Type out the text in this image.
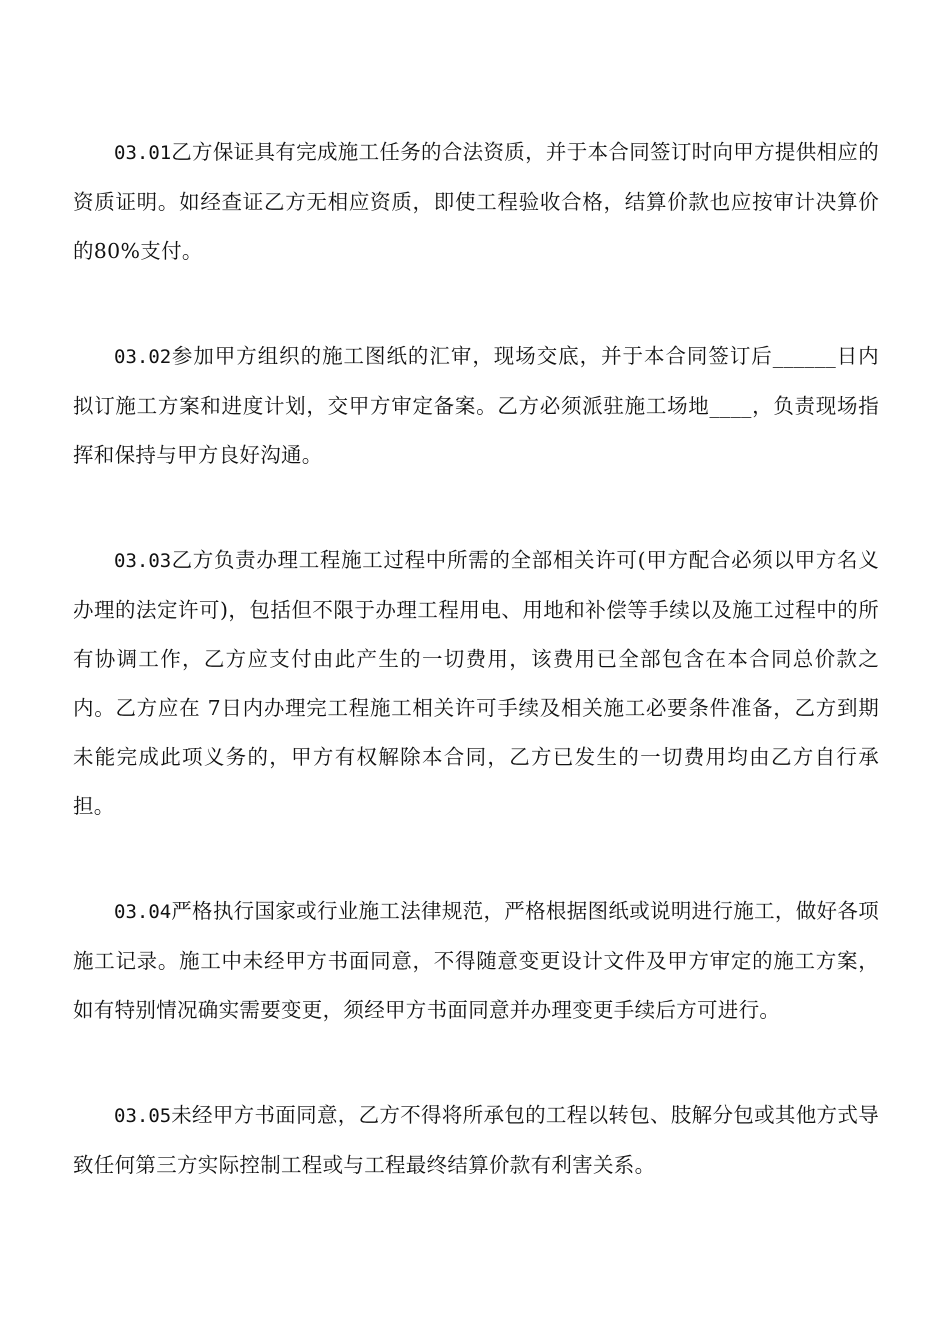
03.01乙方保证具有完成施工任务的合法资质，并于本合同签订时向甲方提供相应的资质证明。如经查证乙方无相应资质，即使工程验收合格，结算价款也应按审计决算价的80%支付。

03.02参加甲方组织的施工图纸的汇审，现场交底，并于本合同签订后______日内拟订施工方案和进度计划，交甲方审定备案。乙方必须派驻施工场地____，负责现场指挥和保持与甲方良好沟通。

03.03乙方负责办理工程施工过程中所需的全部相关许可(甲方配合必须以甲方名义办理的法定许可)，包括但不限于办理工程用电、用地和补偿等手续以及施工过程中的所有协调工作，乙方应支付由此产生的一切费用，该费用已全部包含在本合同总价款之内。乙方应在 7日内办理完工程施工相关许可手续及相关施工必要条件准备，乙方到期未能完成此项义务的，甲方有权解除本合同，乙方已发生的一切费用均由乙方自行承担。

03.04严格执行国家或行业施工法律规范，严格根据图纸或说明进行施工，做好各项施工记录。施工中未经甲方书面同意，不得随意变更设计文件及甲方审定的施工方案，如有特别情况确实需要变更，须经甲方书面同意并办理变更手续后方可进行。

03.05未经甲方书面同意，乙方不得将所承包的工程以转包、肢解分包或其他方式导致任何第三方实际控制工程或与工程最终结算价款有利害关系。
